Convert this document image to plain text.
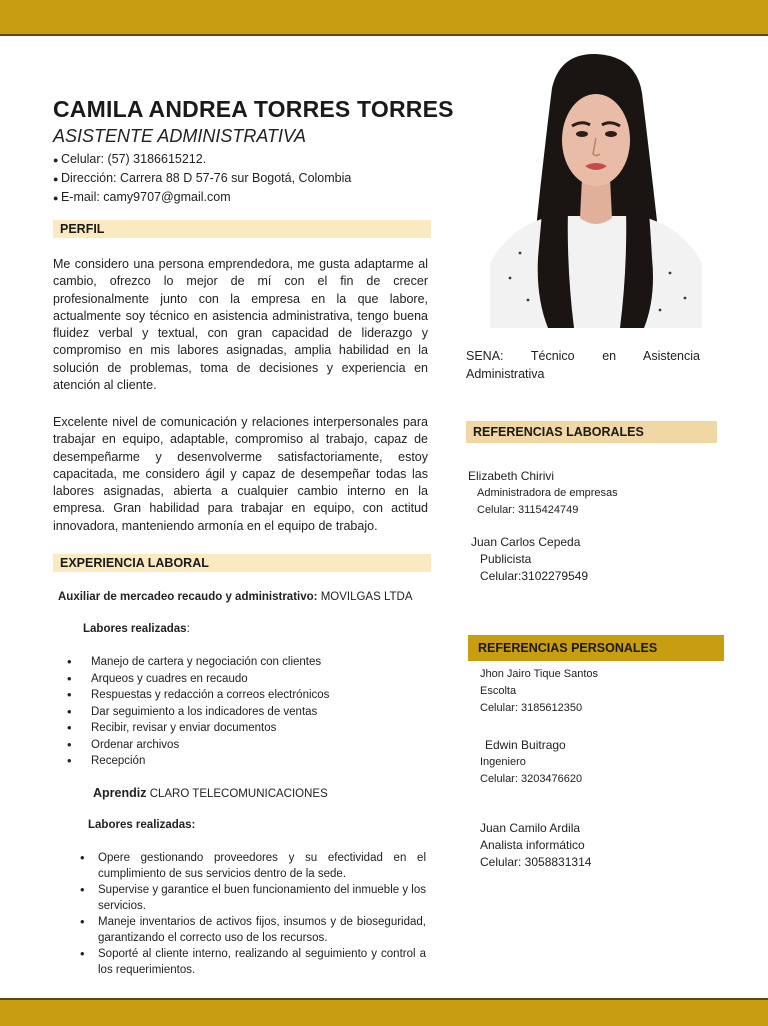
CAMILA ANDREA TORRES TORRES
ASISTENTE ADMINISTRATIVA
● Celular: (57) 3186615212.
● Dirección: Carrera 88 D 57-76 sur Bogotá, Colombia
● E-mail: camy9707@gmail.com
PERFIL

Me considero una persona emprendedora, me gusta adaptarme al cambio, ofrezco lo mejor de mí con el fin de crecer profesionalmente junto con la empresa en la que labore, actualmente soy técnico en asistencia administrativa, tengo buena fluidez verbal y textual, con gran capacidad de liderazgo y compromiso en mis labores asignadas, amplia habilidad en la solución de problemas, toma de decisiones y experiencia en atención al cliente.

Excelente nivel de comunicación y relaciones interpersonales para trabajar en equipo, adaptable, compromiso al trabajo, capaz de desempeñarme y desenvolverme satisfactoriamente, estoy capacitada, me considero ágil y capaz de desempeñar todas las labores asignadas, abierta a cualquier cambio interno en la empresa. Gran habilidad para trabajar en equipo, con actitud innovadora, manteniendo armonía en el equipo de trabajo.

EXPERIENCIA LABORAL
Auxiliar de mercadeo recaudo y administrativo: MOVILGAS LTDA
Labores realizadas:
• Manejo de cartera y negociación con clientes
• Arqueos y cuadres en recaudo
• Respuestas y redacción a correos electrónicos
• Dar seguimiento a los indicadores de ventas
• Recibir, revisar y enviar documentos
• Ordenar archivos
• Recepción
Aprendiz CLARO TELECOMUNICACIONES
Labores realizadas:
• Opere gestionando proveedores y su efectividad en el cumplimiento de sus servicios dentro de la sede.
• Supervise y garantice el buen funcionamiento del inmueble y los servicios.
• Maneje inventarios de activos fijos, insumos y de bioseguridad, garantizando el correcto uso de los recursos.
• Soporté al cliente interno, realizando al seguimiento y control a los requerimientos.

SENA: Técnico en Asistencia Administrativa

REFERENCIAS LABORALES
Elizabeth Chirivi
Administradora de empresas
Celular: 3115424749
Juan Carlos Cepeda
Publicista
Celular:3102279549
REFERENCIAS PERSONALES
Jhon Jairo Tique Santos
Escolta
Celular: 3185612350
Edwin Buitrago
Ingeniero
Celular: 3203476620
Juan Camilo Ardila
Analista informático
Celular: 3058831314
